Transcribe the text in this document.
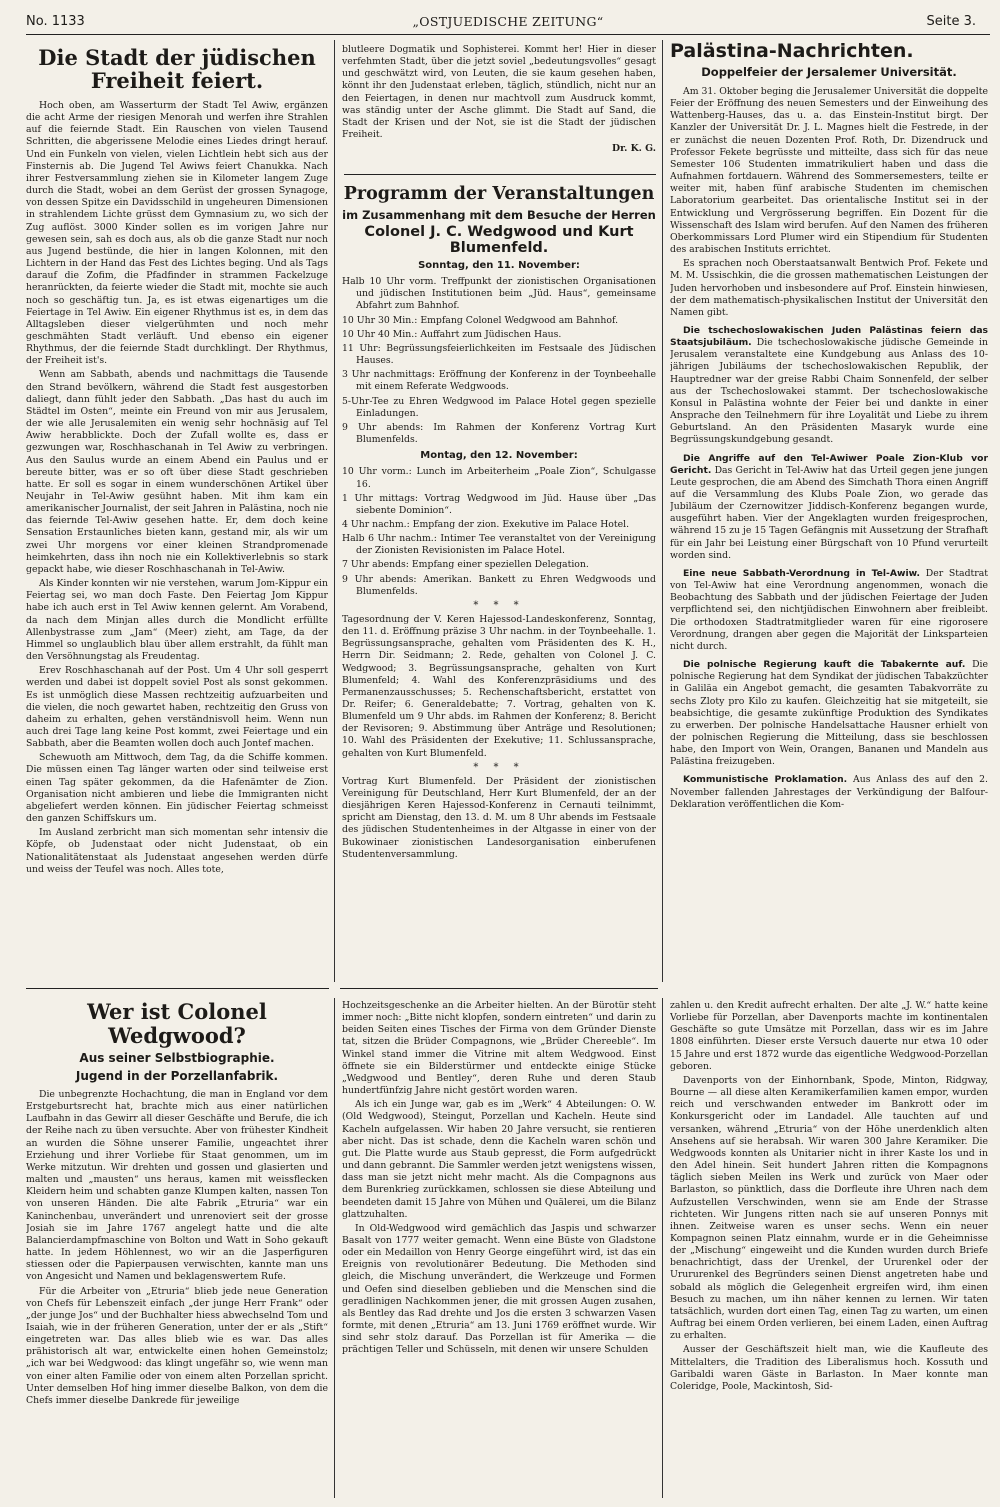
No. 1133	„OSTJUEDISCHE ZEITUNG“	Seite 3.
Die Stadt der jüdischen Freiheit feiert.

Hoch oben, am Wasserturm der Stadt Tel Awiw, ergänzen die acht Arme der riesigen Menorah und werfen ihre Strahlen auf die feiernde Stadt. Ein Rauschen von vielen Tausend Schritten, die abgerissene Melodie eines Liedes dringt herauf. Und ein Funkeln von vielen, vielen Lichtlein hebt sich aus der Finsternis ab. Die Jugend Tel Awiws feiert Chanukka. Nach ihrer Festversammlung ziehen sie in Kilometer langem Zuge durch die Stadt, wobei an dem Gerüst der grossen Synagoge, von dessen Spitze ein Davidsschild in ungeheuren Dimensionen in strahlendem Lichte grüsst dem Gymnasium zu, wo sich der Zug auflöst. 3000 Kinder sollen es im vorigen Jahre nur gewesen sein, sah es doch aus, als ob die ganze Stadt nur noch aus Jugend bestünde, die hier in langen Kolonnen, mit den Lichtern in der Hand das Fest des Lichtes beging. Und als Tags darauf die Zofim, die Pfadfinder in strammen Fackelzuge heranrückten, da feierte wieder die Stadt mit, mochte sie auch noch so geschäftig tun. Ja, es ist etwas eigenartiges um die Feiertage in Tel Awiw. Ein eigener Rhythmus ist es, in dem das Alltagsleben dieser vielgerühmten und noch mehr geschmähten Stadt verläuft. Und ebenso ein eigener Rhythmus, der die feiernde Stadt durchklingt. Der Rhythmus, der Freiheit ist's.

Wenn am Sabbath, abends und nachmittags die Tausende den Strand bevölkern, während die Stadt fest ausgestorben daliegt, dann fühlt jeder den Sabbath. „Das hast du auch im Städtel im Osten“, meinte ein Freund von mir aus Jerusalem, der wie alle Jerusalemiten ein wenig sehr hochnäsig auf Tel Awiw herabblickte. Doch der Zufall wollte es, dass er gezwungen war, Roschhaschanah in Tel Awiw zu verbringen. Aus den Saulus wurde an einem Abend ein Paulus und er bereute bitter, was er so oft über diese Stadt geschrieben hatte. Er soll es sogar in einem wunderschönen Artikel über Neujahr in Tel-Awiw gesühnt haben. Mit ihm kam ein amerikanischer Journalist, der seit Jahren in Palästina, noch nie das feiernde Tel-Awiw gesehen hatte. Er, dem doch keine Sensation Erstaunliches bieten kann, gestand mir, als wir um zwei Uhr morgens vor einer kleinen Strandpromenade heimkehrten, dass ihn noch nie ein Kollektiverlebnis so stark gepackt habe, wie dieser Roschhaschanah in Tel-Awiw.

Als Kinder konnten wir nie verstehen, warum Jom-Kippur ein Feiertag sei, wo man doch Faste. Den Feiertag Jom Kippur habe ich auch erst in Tel Awiw kennen gelernt. Am Vorabend, da nach dem Minjan alles durch die Mondlicht erfüllte Allenbystrasse zum „Jam“ (Meer) zieht, am Tage, da der Himmel so unglaublich blau über allem erstrahlt, da fühlt man den Versöhnungstag als Freudentag.

Erev Roschhaschanah auf der Post. Um 4 Uhr soll gesperrt werden und dabei ist doppelt soviel Post als sonst gekommen. Es ist unmöglich diese Massen rechtzeitig aufzuarbeiten und die vielen, die noch gewartet haben, rechtzeitig den Gruss von daheim zu erhalten, gehen verständnisvoll heim. Wenn nun auch drei Tage lang keine Post kommt, zwei Feiertage und ein Sabbath, aber die Beamten wollen doch auch Jontef machen.

Schewuoth am Mittwoch, dem Tag, da die Schiffe kommen. Die müssen einen Tag länger warten oder sind teilweise erst einen Tag später gekommen, da die Hafenämter de Zion. Organisation nicht ambieren und liebe die Immigranten nicht abgeliefert werden können. Ein jüdischer Feiertag schmeisst den ganzen Schiffskurs um.

Im Ausland zerbricht man sich momentan sehr intensiv die Köpfe, ob Judenstaat oder nicht Judenstaat, ob ein Nationalitätenstaat als Judenstaat angesehen werden dürfe und weiss der Teufel was noch. Alles tote,

blutleere Dogmatik und Sophisterei. Kommt her! Hier in dieser verfehmten Stadt, über die jetzt soviel „bedeutungsvolles“ gesagt und geschwätzt wird, von Leuten, die sie kaum gesehen haben, könnt ihr den Judenstaat erleben, täglich, stündlich, nicht nur an den Feiertagen, in denen nur machtvoll zum Ausdruck kommt, was ständig unter der Asche glimmt. Die Stadt auf Sand, die Stadt der Krisen und der Not, sie ist die Stadt der jüdischen Freiheit.

Dr. K. G.
Programm der Veranstaltungen
im Zusammenhang mit dem Besuche der Herren
Colonel J. C. Wedgwood und Kurt Blumenfeld.
Sonntag, den 11. November:
Halb 10 Uhr vorm. Treffpunkt der zionistischen Organisationen und jüdischen Institutionen beim „Jüd. Haus“, gemeinsame Abfahrt zum Bahnhof.
10 Uhr 30 Min.: Empfang Colonel Wedgwood am Bahnhof.
10 Uhr 40 Min.: Auffahrt zum Jüdischen Haus.
11 Uhr: Begrüssungsfeierlichkeiten im Festsaale des Jüdischen Hauses.
3 Uhr nachmittags: Eröffnung der Konferenz in der Toynbeehalle mit einem Referate Wedgwoods.
5-Uhr-Tee zu Ehren Wedgwood im Palace Hotel gegen spezielle Einladungen.
9 Uhr abends: Im Rahmen der Konferenz Vortrag Kurt Blumenfelds.
Montag, den 12. November:
10 Uhr vorm.: Lunch im Arbeiterheim „Poale Zion“, Schulgasse 16.
1 Uhr mittags: Vortrag Wedgwood im Jüd. Hause über „Das siebente Dominion“.
4 Uhr nachm.: Empfang der zion. Exekutive im Palace Hotel.
Halb 6 Uhr nachm.: Intimer Tee veranstaltet von der Vereinigung der Zionisten Revisionisten im Palace Hotel.
7 Uhr abends: Empfang einer speziellen Delegation.
9 Uhr abends: Amerikan. Bankett zu Ehren Wedgwoods und Blumenfelds.
* * *

Tagesordnung der V. Keren Hajessod-Landeskonferenz, Sonntag, den 11. d. Eröffnung präzise 3 Uhr nachm. in der Toynbeehalle. 1. Begrüssungsansprache, gehalten vom Präsidenten des K. H., Herrn Dir. Seidmann; 2. Rede, gehalten von Colonel J. C. Wedgwood; 3. Begrüssungsansprache, gehalten von Kurt Blumenfeld; 4. Wahl des Konferenzpräsidiums und des Permanenzausschusses; 5. Rechenschaftsbericht, erstattet von Dr. Reifer; 6. Generaldebatte; 7. Vortrag, gehalten von K. Blumenfeld um 9 Uhr abds. im Rahmen der Konferenz; 8. Bericht der Revisoren; 9. Abstimmung über Anträge und Resolutionen; 10. Wahl des Präsidenten der Exekutive; 11. Schlussansprache, gehalten von Kurt Blumenfeld.

* * *

Vortrag Kurt Blumenfeld. Der Präsident der zionistischen Vereinigung für Deutschland, Herr Kurt Blumenfeld, der an der diesjährigen Keren Hajessod-Konferenz in Cernauti teilnimmt, spricht am Dienstag, den 13. d. M. um 8 Uhr abends im Festsaale des jüdischen Studentenheimes in der Altgasse in einer von der Bukowinaer zionistischen Landesorganisation einberufenen Studentenversammlung.

Palästina-Nachrichten.
Doppelfeier der Jersalemer Universität.

Am 31. Oktober beging die Jerusalemer Universität die doppelte Feier der Eröffnung des neuen Semesters und der Einweihung des Wattenberg-Hauses, das u. a. das Einstein-Institut birgt. Der Kanzler der Universität Dr. J. L. Magnes hielt die Festrede, in der er zunächst die neuen Dozenten Prof. Roth, Dr. Dizendruck und Professor Fekete begrüsste und mitteilte, dass sich für das neue Semester 106 Studenten immatrikuliert haben und dass die Aufnahmen fortdauern. Während des Sommersemesters, teilte er weiter mit, haben fünf arabische Studenten im chemischen Laboratorium gearbeitet. Das orientalische Institut sei in der Entwicklung und Vergrösserung begriffen. Ein Dozent für die Wissenschaft des Islam wird berufen. Auf den Namen des früheren Oberkommissars Lord Plumer wird ein Stipendium für Studenten des arabischen Instituts errichtet.

Es sprachen noch Oberstaatsanwalt Bentwich Prof. Fekete und M. M. Ussischkin, die die grossen mathematischen Leistungen der Juden hervorhoben und insbesondere auf Prof. Einstein hinwiesen, der dem mathematisch-physikalischen Institut der Universität den Namen gibt.

Die tschechoslowakischen Juden Palästinas feiern das Staatsjubiläum. Die tschechoslowakische jüdische Gemeinde in Jerusalem veranstaltete eine Kundgebung aus Anlass des 10-jährigen Jubiläums der tschechoslowakischen Republik, der Hauptredner war der greise Rabbi Chaim Sonnenfeld, der selber aus der Tschechoslowakei stammt. Der tschechoslowakische Konsul in Palästina wohnte der Feier bei und dankte in einer Ansprache den Teilnehmern für ihre Loyalität und Liebe zu ihrem Geburtsland. An den Präsidenten Masaryk wurde eine Begrüssungskundgebung gesandt.

Die Angriffe auf den Tel-Awiwer Poale Zion-Klub vor Gericht. Das Gericht in Tel-Awiw hat das Urteil gegen jene jungen Leute gesprochen, die am Abend des Simchath Thora einen Angriff auf die Versammlung des Klubs Poale Zion, wo gerade das Jubiläum der Czernowitzer Jiddisch-Konferenz begangen wurde, ausgeführt haben. Vier der Angeklagten wurden freigesprochen, während 15 zu je 15 Tagen Gefängnis mit Aussetzung der Strafhaft für ein Jahr bei Leistung einer Bürgschaft von 10 Pfund verurteilt worden sind.

Eine neue Sabbath-Verordnung in Tel-Awiw. Der Stadtrat von Tel-Awiw hat eine Verordnung angenommen, wonach die Beobachtung des Sabbath und der jüdischen Feiertage der Juden verpflichtend sei, den nichtjüdischen Einwohnern aber freibleibt. Die orthodoxen Stadtratmitglieder waren für eine rigorosere Verordnung, drangen aber gegen die Majorität der Linksparteien nicht durch.

Die polnische Regierung kauft die Tabakernte auf. Die polnische Regierung hat dem Syndikat der jüdischen Tabakzüchter in Galiläa ein Angebot gemacht, die gesamten Tabakvorräte zu sechs Zloty pro Kilo zu kaufen. Gleichzeitig hat sie mitgeteilt, sie beabsichtige, die gesamte zukünftige Produktion des Syndikates zu erwerben. Der polnische Handelsattache Hausner erhielt von der polnischen Regierung die Mitteilung, dass sie beschlossen habe, den Import von Wein, Orangen, Bananen und Mandeln aus Palästina freizugeben.

Kommunistische Proklamation. Aus Anlass des auf den 2. November fallenden Jahrestages der Verkündigung der Balfour-Deklaration veröffentlichen die Kom-

Wer ist Colonel Wedgwood?
Aus seiner Selbstbiographie.
Jugend in der Porzellanfabrik.

Die unbegrenzte Hochachtung, die man in England vor dem Erstgeburtsrecht hat, brachte mich aus einer natürlichen Laufbahn in das Gewirr all dieser Geschäfte und Berufe, die ich der Reihe nach zu üben versuchte. Aber von frühester Kindheit an wurden die Söhne unserer Familie, ungeachtet ihrer Erziehung und ihrer Vorliebe für Staat genommen, um im Werke mitzutun. Wir drehten und gossen und glasierten und malten und „mausten“ uns heraus, kamen mit weissflecken Kleidern heim und schabten ganze Klumpen kalten, nassen Ton von unseren Händen. Die alte Fabrik „Etruria“ war ein Kaninchenbau, unverändert und unrenoviert seit der grosse Josiah sie im Jahre 1767 angelegt hatte und die alte Balancierdampfmaschine von Bolton und Watt in Soho gekauft hatte. In jedem Höhlennest, wo wir an die Jasperfiguren stiessen oder die Papierpausen verwischten, kannte man uns von Angesicht und Namen und beklagenswertem Rufe.

Für die Arbeiter von „Etruria“ blieb jede neue Generation von Chefs für Lebenszeit einfach „der junge Herr Frank“ oder „der junge Jos“ und der Buchhalter hiess abwechselnd Tom und Isaiah, wie in der früheren Generation, unter der er als „Stift“ eingetreten war. Das alles blieb wie es war. Das alles prähistorisch alt war, entwickelte einen hohen Gemeinstolz; „ich war bei Wedgwood: das klingt ungefähr so, wie wenn man von einer alten Familie oder von einem alten Porzellan spricht. Unter demselben Hof hing immer dieselbe Balkon, von dem die Chefs immer dieselbe Dankrede für jeweilige

Hochzeitsgeschenke an die Arbeiter hielten. An der Bürotür steht immer noch: „Bitte nicht klopfen, sondern eintreten“ und darin zu beiden Seiten eines Tisches der Firma von dem Gründer Dienste tat, sitzen die Brüder Compagnons, wie „Brüder Chereeble“. Im Winkel stand immer die Vitrine mit altem Wedgwood. Einst öffnete sie ein Bilderstürmer und entdeckte einige Stücke „Wedgwood und Bentley“, deren Ruhe und deren Staub hundertfünfzig Jahre nicht gestört worden waren.

Als ich ein Junge war, gab es im „Werk“ 4 Abteilungen: O. W. (Old Wedgwood), Steingut, Porzellan und Kacheln. Heute sind Kacheln aufgelassen. Wir haben 20 Jahre versucht, sie rentieren aber nicht. Das ist schade, denn die Kacheln waren schön und gut. Die Platte wurde aus Staub gepresst, die Form aufgedrückt und dann gebrannt. Die Sammler werden jetzt wenigstens wissen, dass man sie jetzt nicht mehr macht. Als die Compagnons aus dem Burenkrieg zurückkamen, schlossen sie diese Abteilung und beendeten damit 15 Jahre von Mühen und Quälerei, um die Bilanz glattzuhalten.

In Old-Wedgwood wird gemächlich das Jaspis und schwarzer Basalt von 1777 weiter gemacht. Wenn eine Büste von Gladstone oder ein Medaillon von Henry George eingeführt wird, ist das ein Ereignis von revolutionärer Bedeutung. Die Methoden sind gleich, die Mischung unverändert, die Werkzeuge und Formen und Oefen sind dieselben geblieben und die Menschen sind die geradlinigen Nachkommen jener, die mit grossen Augen zusahen, als Bentley das Rad drehte und Jos die ersten 3 schwarzen Vasen formte, mit denen „Etruria“ am 13. Juni 1769 eröffnet wurde. Wir sind sehr stolz darauf. Das Porzellan ist für Amerika — die prächtigen Teller und Schüsseln, mit denen wir unsere Schulden

zahlen u. den Kredit aufrecht erhalten. Der alte „J. W.“ hatte keine Vorliebe für Porzellan, aber Davenports machte im kontinentalen Geschäfte so gute Umsätze mit Porzellan, dass wir es im Jahre 1808 einführten. Dieser erste Versuch dauerte nur etwa 10 oder 15 Jahre und erst 1872 wurde das eigentliche Wedgwood-Porzellan geboren.

Davenports von der Einhornbank, Spode, Minton, Ridgway, Bourne — all diese alten Keramikerfamilien kamen empor, wurden reich und verschwanden entweder im Bankrott oder im Konkursgericht oder im Landadel. Alle tauchten auf und versanken, während „Etruria“ von der Höhe unerdenklich alten Ansehens auf sie herabsah. Wir waren 300 Jahre Keramiker. Die Wedgwoods konnten als Unitarier nicht in ihrer Kaste los und in den Adel hinein. Seit hundert Jahren ritten die Kompagnons täglich sieben Meilen ins Werk und zurück von Maer oder Barlaston, so pünktlich, dass die Dorfleute ihre Uhren nach dem Aufzustellen Verschwinden, wenn sie am Ende der Strasse richteten. Wir Jungens ritten nach sie auf unseren Ponnys mit ihnen. Zeitweise waren es unser sechs. Wenn ein neuer Kompagnon seinen Platz einnahm, wurde er in die Geheimnisse der „Mischung“ eingeweiht und die Kunden wurden durch Briefe benachrichtigt, dass der Urenkel, der Ururenkel oder der Urururenkel des Begründers seinen Dienst angetreten habe und sobald als möglich die Gelegenheit ergreifen wird, ihm einen Besuch zu machen, um ihn näher kennen zu lernen. Wir taten tatsächlich, wurden dort einen Tag, einen Tag zu warten, um einen Auftrag bei einem Orden verlieren, bei einem Laden, einen Auftrag zu erhalten.

Ausser der Geschäftszeit hielt man, wie die Kaufleute des Mittelalters, die Tradition des Liberalismus hoch. Kossuth und Garibaldi waren Gäste in Barlaston. In Maer konnte man Coleridge, Poole, Mackintosh, Sid-
